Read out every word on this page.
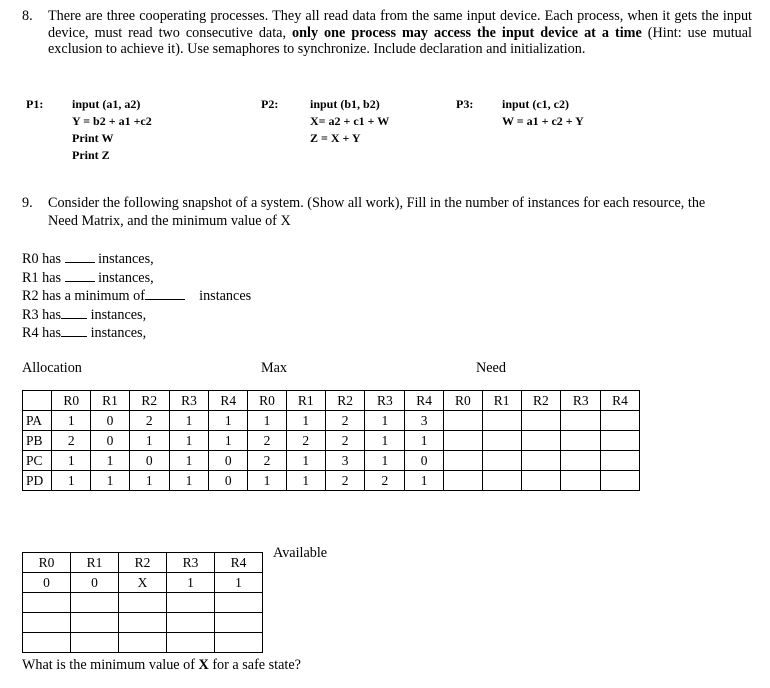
8. There are three cooperating processes. They all read data from the same input device. Each process, when it gets the input device, must read two consecutive data, only one process may access the input device at a time (Hint: use mutual exclusion to achieve it). Use semaphores to synchronize. Include declaration and initialization.
P1: input (a1, a2)
Y = b2 + a1 +c2
Print W
Print Z
P2:	input (b1, b2)
X= a2 + c1 + W
Z = X + Y
P3: input (c1, c2)
W = a1 + c2 + Y
9. Consider the following snapshot of a system. (Show all work), Fill in the number of instances for each resource, the Need Matrix, and the minimum value of X
R0 has	instances,
R1 has	instances,
R2 has a minimum of	instances
R3 has instances,
R4 has instances,
Allocation	Max	Need
	R0	R1	R2	R3	R4	R0	R1	R2	R3	R4	R0	R1	R2	R3	R4
PA	1	0	2	1	1	1	1	2	1	3					
PB	2	0	1	1	1	2	2	2	1	1					
PC	1	1	0	1	0	2	1	3	1	0					
PD	1	1	1	1	0	1	1	2	2	1					
Available
R0	R1	R2	R3	R4
0	0	X	1	1

What is the minimum value of X for a safe state?
